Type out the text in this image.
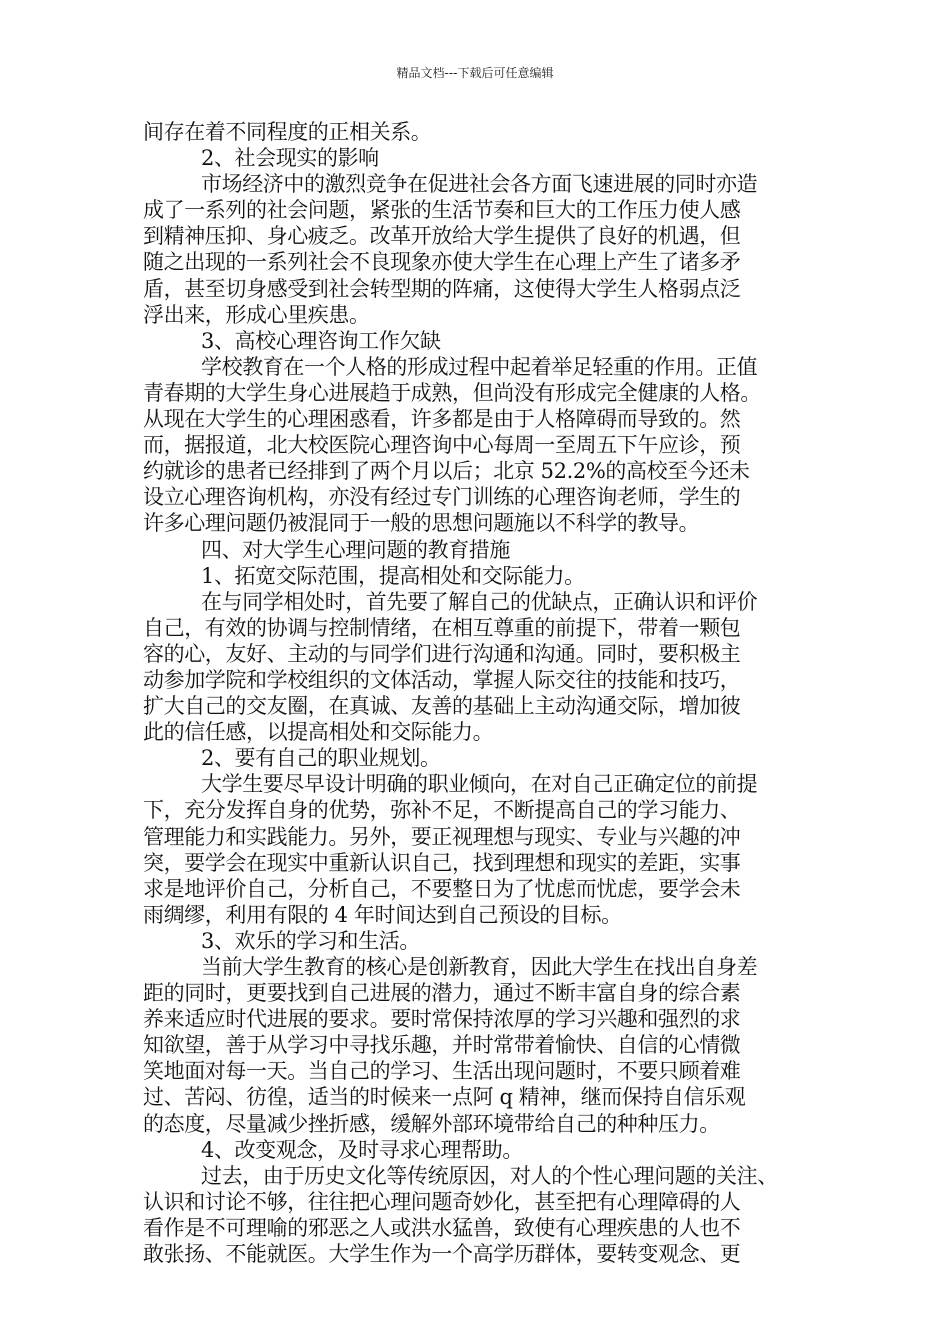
精品文档---下载后可任意编辑
间存在着不同程度的正相关系。
2、社会现实的影响
市场经济中的激烈竞争在促进社会各方面飞速进展的同时亦造
成了一系列的社会问题，紧张的生活节奏和巨大的工作压力使人感
到精神压抑、身心疲乏。改革开放给大学生提供了良好的机遇，但
随之出现的一系列社会不良现象亦使大学生在心理上产生了诸多矛
盾，甚至切身感受到社会转型期的阵痛，这使得大学生人格弱点泛
浮出来，形成心里疾患。
3、高校心理咨询工作欠缺
学校教育在一个人格的形成过程中起着举足轻重的作用。正值
青春期的大学生身心进展趋于成熟，但尚没有形成完全健康的人格。
从现在大学生的心理困惑看，许多都是由于人格障碍而导致的。然
而，据报道，北大校医院心理咨询中心每周一至周五下午应诊，预
约就诊的患者已经排到了两个月以后；北京 52.2%的高校至今还未
设立心理咨询机构，亦没有经过专门训练的心理咨询老师，学生的
许多心理问题仍被混同于一般的思想问题施以不科学的教导。
四、对大学生心理问题的教育措施
1、拓宽交际范围，提高相处和交际能力。
在与同学相处时，首先要了解自己的优缺点，正确认识和评价
自己，有效的协调与控制情绪，在相互尊重的前提下，带着一颗包
容的心，友好、主动的与同学们进行沟通和沟通。同时，要积极主
动参加学院和学校组织的文体活动，掌握人际交往的技能和技巧，
扩大自己的交友圈，在真诚、友善的基础上主动沟通交际，增加彼
此的信任感，以提高相处和交际能力。
2、要有自己的职业规划。
大学生要尽早设计明确的职业倾向，在对自己正确定位的前提
下，充分发挥自身的优势，弥补不足，不断提高自己的学习能力、
管理能力和实践能力。另外，要正视理想与现实、专业与兴趣的冲
突，要学会在现实中重新认识自己，找到理想和现实的差距，实事
求是地评价自己，分析自己，不要整日为了忧虑而忧虑，要学会未
雨绸缪，利用有限的 4 年时间达到自己预设的目标。
3、欢乐的学习和生活。
当前大学生教育的核心是创新教育，因此大学生在找出自身差
距的同时，更要找到自己进展的潜力，通过不断丰富自身的综合素
养来适应时代进展的要求。要时常保持浓厚的学习兴趣和强烈的求
知欲望，善于从学习中寻找乐趣，并时常带着愉快、自信的心情微
笑地面对每一天。当自己的学习、生活出现问题时，不要只顾着难
过、苦闷、彷徨，适当的时候来一点阿 q 精神，继而保持自信乐观
的态度，尽量减少挫折感，缓解外部环境带给自己的种种压力。
4、改变观念，及时寻求心理帮助。
过去，由于历史文化等传统原因，对人的个性心理问题的关注、
认识和讨论不够，往往把心理问题奇妙化，甚至把有心理障碍的人
看作是不可理喻的邪恶之人或洪水猛兽，致使有心理疾患的人也不
敢张扬、不能就医。大学生作为一个高学历群体，要转变观念、更
